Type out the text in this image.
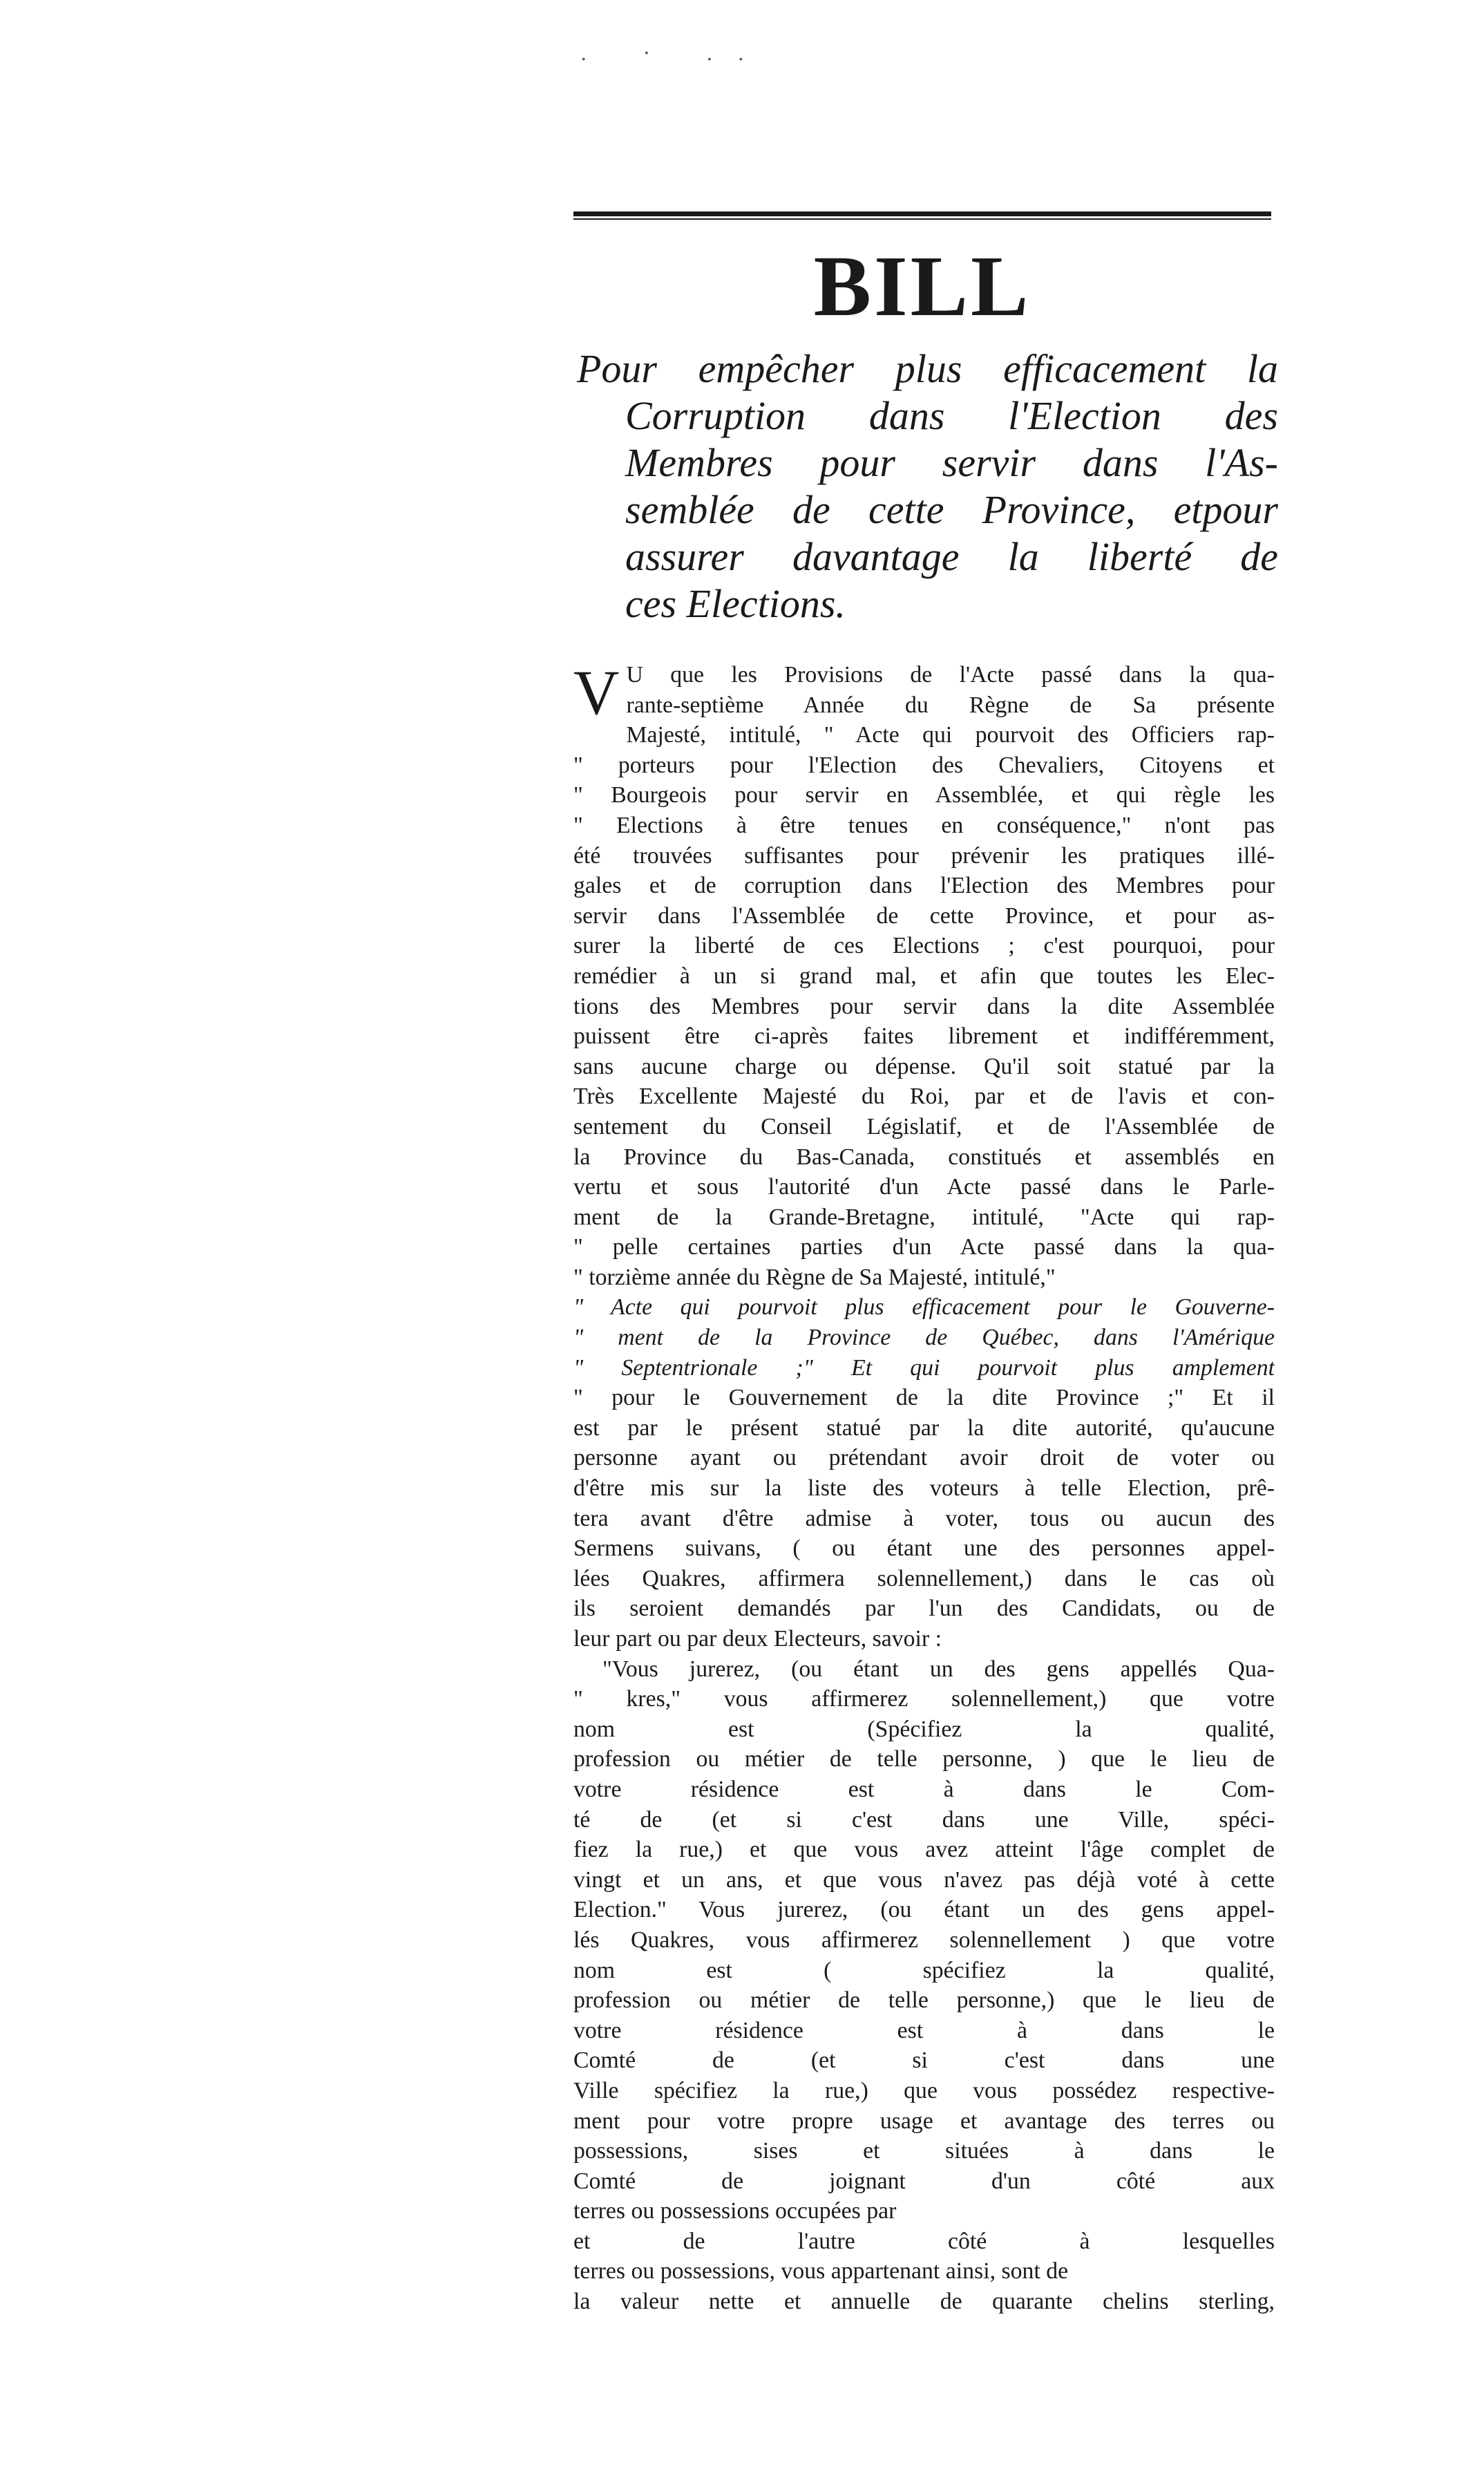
. · ..
BILL
Pour empêcher plus efficacement la
Corruption dans l'Election des
Membres pour servir dans l'As-
semblée de cette Province, etpour
assurer davantage la liberté de
ces Elections.
V U que les Provisions de l'Acte passé dans la qua-
rante-septième Année du Règne de Sa présente
Majesté, intitulé, " Acte qui pourvoit des Officiers rap-
" porteurs pour l'Election des Chevaliers, Citoyens et
" Bourgeois pour servir en Assemblée, et qui règle les
" Elections à être tenues en conséquence," n'ont pas
été trouvées suffisantes pour prévenir les pratiques illé-
gales et de corruption dans l'Election des Membres pour
servir dans l'Assemblée de cette Province, et pour as-
surer la liberté de ces Elections ; c'est pourquoi, pour
remédier à un si grand mal, et afin que toutes les Elec-
tions des Membres pour servir dans la dite Assemblée
puissent être ci-après faites librement et indifféremment,
sans aucune charge ou dépense. Qu'il soit statué par la
Très Excellente Majesté du Roi, par et de l'avis et con-
sentement du Conseil Législatif, et de l'Assemblée de
la Province du Bas-Canada, constitués et assemblés en
vertu et sous l'autorité d'un Acte passé dans le Parle-
ment de la Grande-Bretagne, intitulé, "Acte qui rap-
" pelle certaines parties d'un Acte passé dans la qua-
" torzième année du Règne de Sa Majesté, intitulé,"
" Acte qui pourvoit plus efficacement pour le Gouverne-
" ment de la Province de Québec, dans l'Amérique
" Septentrionale ;" Et qui pourvoit plus amplement
" pour le Gouvernement de la dite Province ;" Et il
est par le présent statué par la dite autorité, qu'aucune
personne ayant ou prétendant avoir droit de voter ou
d'être mis sur la liste des voteurs à telle Election, prê-
tera avant d'être admise à voter, tous ou aucun des
Sermens suivans, ( ou étant une des personnes appel-
lées Quakres, affirmera solennellement,) dans le cas où
ils seroient demandés par l'un des Candidats, ou de
leur part ou par deux Electeurs, savoir :
"Vous jurerez, (ou étant un des gens appellés Qua-
" kres," vous affirmerez solennellement,) que votre
nom est (Spécifiez la qualité,
profession ou métier de telle personne, ) que le lieu de
votre résidence est à dans le Com-
té de (et si c'est dans une Ville, spéci-
fiez la rue,) et que vous avez atteint l'âge complet de
vingt et un ans, et que vous n'avez pas déjà voté à cette
Election." Vous jurerez, (ou étant un des gens appel-
lés Quakres, vous affirmerez solennellement ) que votre
nom est ( spécifiez la qualité,
profession ou métier de telle personne,) que le lieu de
votre résidence est à dans le
Comté de (et si c'est dans une
Ville spécifiez la rue,) que vous possédez respective-
ment pour votre propre usage et avantage des terres ou
possessions, sises et situées à dans le
Comté de joignant d'un côté aux
terres ou possessions occupées par
et de l'autre côté à lesquelles
terres ou possessions, vous appartenant ainsi, sont de
la valeur nette et annuelle de quarante chelins sterling,
